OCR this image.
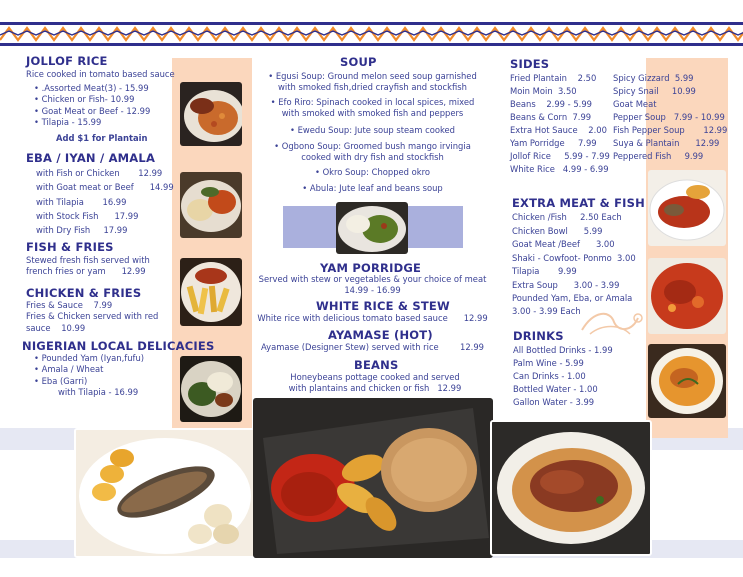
JOLLOF RICE
Rice cooked in tomato based sauce
• .Assorted Meat(3) - 15.99
• Chicken or Fish- 10.99
• Goat Meat or Beef - 12.99
• Tilapia - 15.99
Add $1 for Plantain
EBA / IYAN / AMALA
with Fish or Chicken       12.99
with Goat meat or Beef      14.99
with Tilapia       16.99
with Stock Fish      17.99
with Dry Fish     17.99
FISH & FRIES
Stewed fresh fish served with french fries or yam      12.99
CHICKEN & FRIES
Fries & Sauce    7.99
Fries & Chicken served with red
sauce    10.99
NIGERIAN LOCAL DELICACIES
• Pounded Yam (Iyan,fufu)
• Amala / Wheat
• Eba (Garri)
with Tilapia - 16.99
SOUP
• Egusi Soup: Ground melon seed soup garnished with smoked fish,dried crayfish and stockfish
• Efo Riro: Spinach cooked in local spices, mixed with smoked with smoked fish and peppers
• Ewedu Soup: Jute soup steam cooked
• Ogbono Soup: Groomed bush mango irvingia cooked with dry fish and stockfish
• Okro Soup: Chopped okro
• Abula: Jute leaf and beans soup
YAM PORRIDGE
Served with stew or vegetables & your choice of meat
14.99 - 16.99
WHITE RICE & STEW
White rice with delicious tomato based sauce      12.99
AYAMASE (HOT)
Ayamase (Designer Stew) served with rice        12.99
BEANS
Honeybeans pottage cooked and served with plantains and chicken or fish   12.99
SIDES
Fried Plantain    2.50
Moin Moin  3.50
Beans    2.99 - 5.99
Beans & Corn  7.99
Extra Hot Sauce    2.00
Yam Porridge     7.99
Jollof Rice     5.99 - 7.99
White Rice   4.99 - 6.99
Spicy Gizzard  5.99
Spicy Snail     10.99
Goat Meat
Pepper Soup   7.99 - 10.99
Fish Pepper Soup       12.99
Suya & Plantain      12.99
Peppered Fish     9.99
EXTRA MEAT & FISH
Chicken /Fish     2.50 Each
Chicken Bowl      5.99
Goat Meat /Beef      3.00
Shaki - Cowfoot- Ponmo  3.00
Tilapia       9.99
Extra Soup      3.00 - 3.99
Pounded Yam, Eba, or Amala
3.00 - 3.99 Each
DRINKS
All Bottled Drinks - 1.99
Palm Wine - 5.99
Can Drinks - 1.00
Bottled Water - 1.00
Gallon Water - 3.99
